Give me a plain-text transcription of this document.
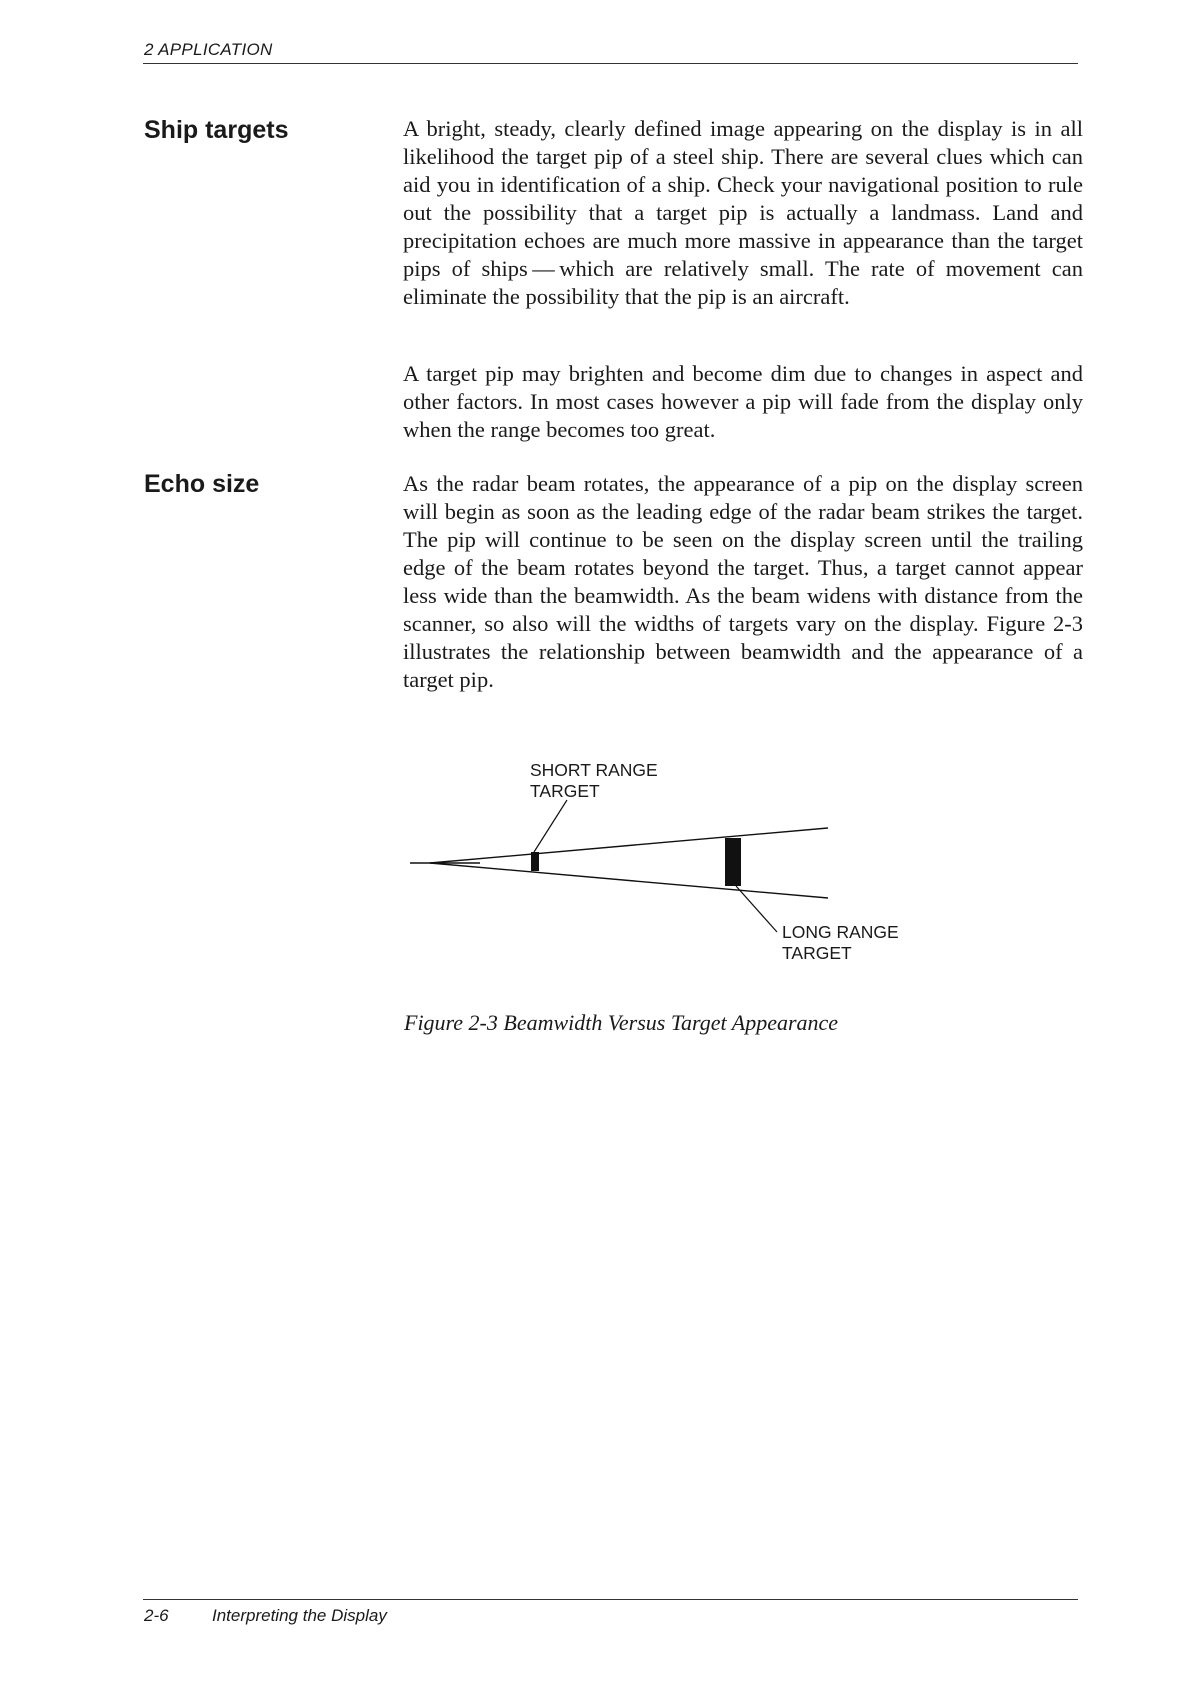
2 APPLICATION
Ship targets	A bright, steady, clearly defined image appearing on the display is in all likelihood the target pip of a steel ship. There are several clues which can aid you in identification of a ship. Check your navigational position to rule out the possibility that a target pip is actually a landmass. Land and precipitation echoes are much more massive in appearance than the target pips of ships — which are relatively small. The rate of movement can eliminate the possibility that the pip is an aircraft.

A target pip may brighten and become dim due to changes in aspect and other factors. In most cases however a pip will fade from the display only when the range becomes too great.

Echo size	As the radar beam rotates, the appearance of a pip on the display screen will begin as soon as the leading edge of the radar beam strikes the target. The pip will continue to be seen on the display screen until the trailing edge of the beam rotates beyond the target. Thus, a target cannot appear less wide than the beamwidth. As the beam widens with distance from the scanner, so also will the widths of targets vary on the display. Figure 2-3 illustrates the relationship between beamwidth and the appearance of a target pip.

SHORT RANGE
TARGET
LONG RANGE
TARGET
Figure 2-3 Beamwidth Versus Target Appearance
2-6	Interpreting the Display
